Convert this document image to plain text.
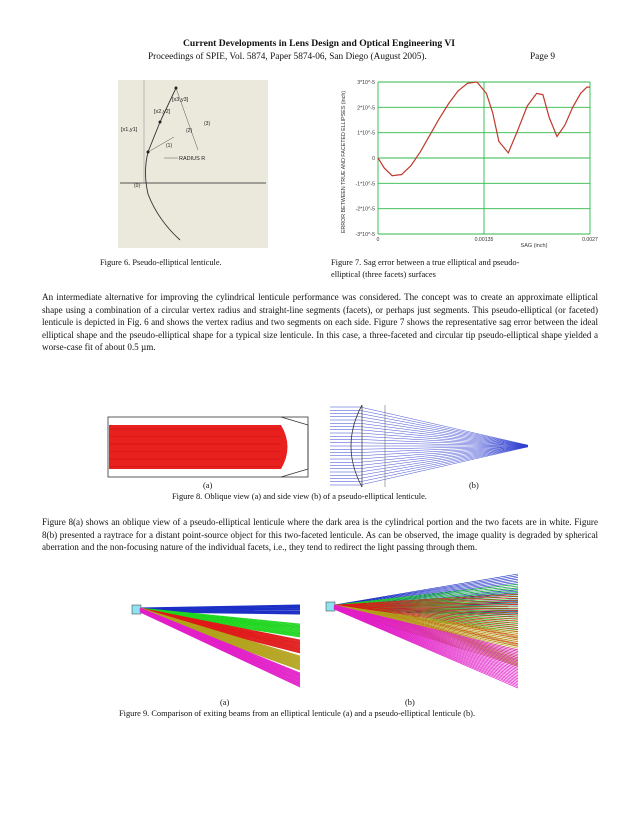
Current Developments in Lens Design and Optical Engineering VI
Proceedings of SPIE, Vol. 5874, Paper 5874-06, San Diego (August 2005).	Page 9
[x3,y3]
[x2,y2]
[x1,y1]
(3)
(2)
(1)
(0)
RADIUS R
Figure 6. Pseudo-elliptical lenticule.
3*10^-5
2*10^-5
1*10^-5
0
-1*10^-5
-2*10^-5
-3*10^-5
0	0.00135	0.0027
SAG (inch)
ERROR BETWEEN TRUE AND FACETED ELLIPSES (inch)
Figure 7. Sag error between a true elliptical and pseudo-
elliptical (three facets) surfaces
An intermediate alternative for improving the cylindrical lenticule performance was considered. The concept was to create an approximate elliptical shape using a combination of a circular vertex radius and straight-line segments (facets), or perhaps just segments. This pseudo-elliptical (or faceted) lenticule is depicted in Fig. 6 and shows the vertex radius and two segments on each side. Figure 7 shows the representative sag error between the ideal elliptical shape and the pseudo-elliptical shape for a typical size lenticule. In this case, a three-faceted and circular tip pseudo-elliptical shape yielded a worse-case fit of about 0.5 µm.
(a)	(b)
Figure 8. Oblique view (a) and side view (b) of a pseudo-elliptical lenticule.
Figure 8(a) shows an oblique view of a pseudo-elliptical lenticule where the dark area is the cylindrical portion and the two facets are in white. Figure 8(b) presented a raytrace for a distant point-source object for this two-faceted lenticule. As can be observed, the image quality is degraded by spherical aberration and the non-focusing nature of the individual facets, i.e., they tend to redirect the light passing through them.
(a)	(b)
Figure 9. Comparison of exiting beams from an elliptical lenticule (a) and a pseudo-elliptical lenticule (b).
